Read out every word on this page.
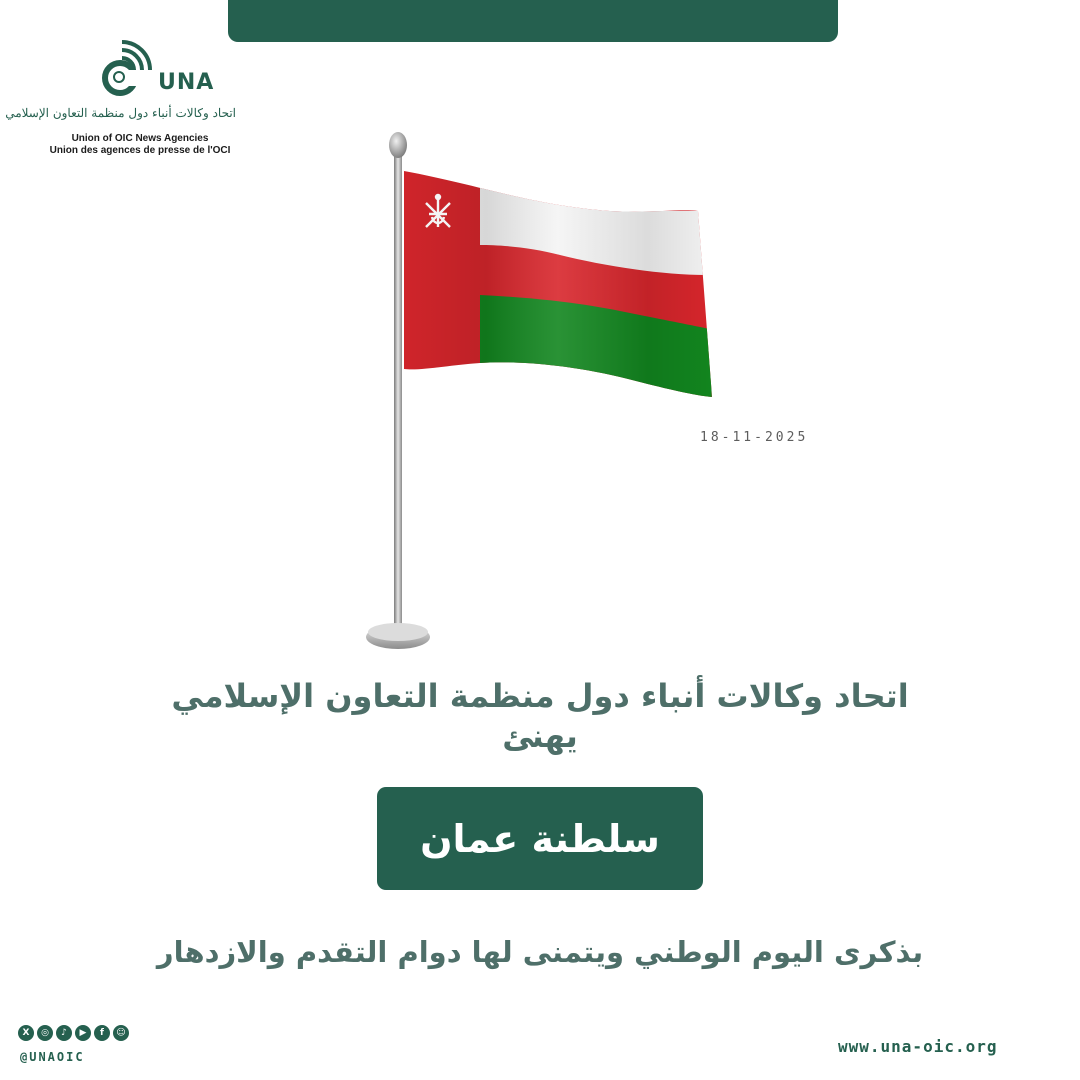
UNA
اتحاد وكالات أنباء دول منظمة التعاون الإسلامي
Union of OIC News Agencies
Union des agences de presse de l'OCI
18-11-2025
اتحاد وكالات أنباء دول منظمة التعاون الإسلامي
يهنئ
سلطنة عمان
بذكرى اليوم الوطني ويتمنى لها دوام التقدم والازدهار
X	◎	♪	▶	f	☺
@UNAOIC
www.una-oic.org
